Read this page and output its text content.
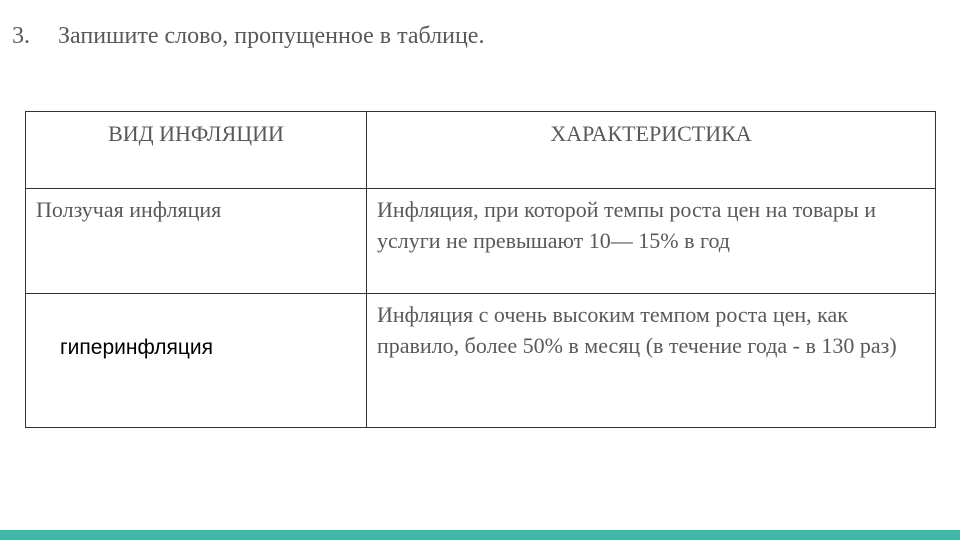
3. Запишите слово, пропущенное в таблице.
ВИД ИНФЛЯЦИИ	ХАРАКТЕРИСТИКА
Ползучая инфляция	Инфляция, при которой темпы роста цен на товары и услуги не превышают 10— 15% в год

гиперинфляция	Инфляция с очень высоким темпом роста цен, как правило, более 50% в месяц (в течение года - в 130 раз)
